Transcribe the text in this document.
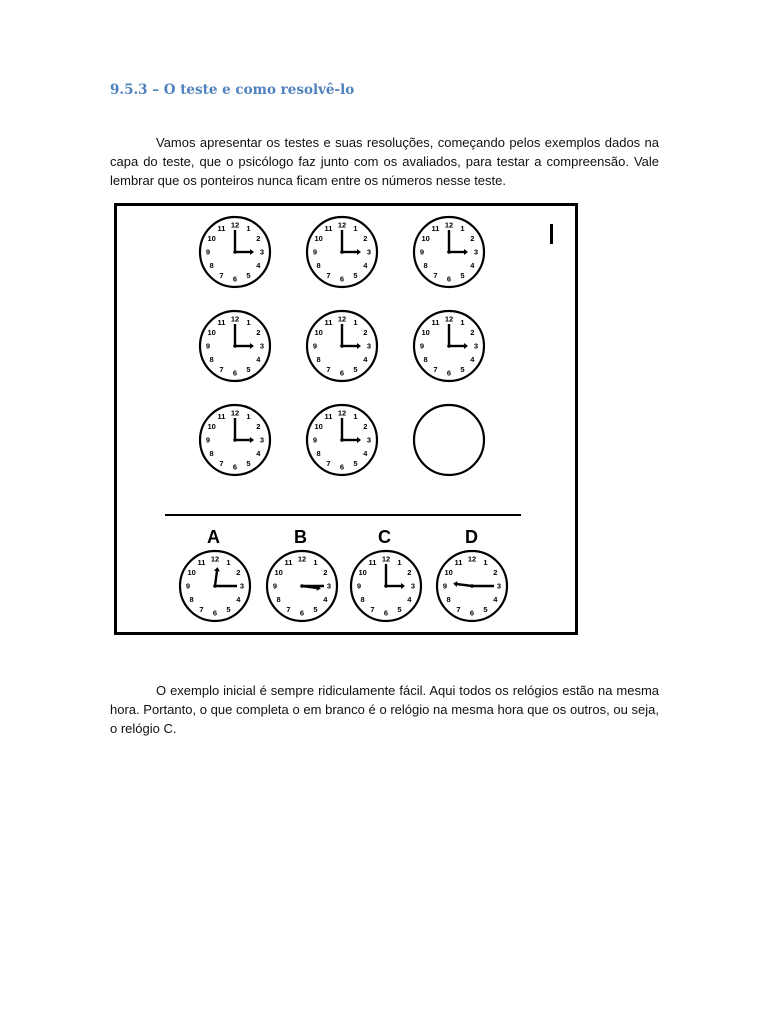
9.5.3 – O teste e como resolvê-lo

Vamos apresentar os testes e suas resoluções, começando pelos exemplos dados na capa do teste, que o psicólogo faz junto com os avaliados, para testar a compreensão. Vale lembrar que os ponteiros nunca ficam entre os números nesse teste.

12 1
2
3
4
5
6
7
8
9
10
11	12 1
2
3
4
5
6
7
8
9
10
11	12 1
2
3
4
5
6
7
8
9
10
11
12 1
2
3
4
5
6
7
8
9
10
11	12 1
2
3
4
5
6
7
8
9
10
11	12 1
2
3
4
5
6
7
8
9
10
11
12 1
2
3
4
5
6
7
8
9
10
11	12 1
2
3
4
5
6
7
8
9
10
11
12 1
2
3
4
5
6
7
8
9
10
11	12 1
2
3
4
5
6
7
8
9
10
11	12 1
2
3
4
5
6
7
8
9
10
11	12 1
2
3
4
5
6
7
8
9
10
11
A	B	C	D

O exemplo inicial é sempre ridiculamente fácil. Aqui todos os relógios estão na mesma hora. Portanto, o que completa o em branco é o relógio na mesma hora que os outros, ou seja, o relógio C.
